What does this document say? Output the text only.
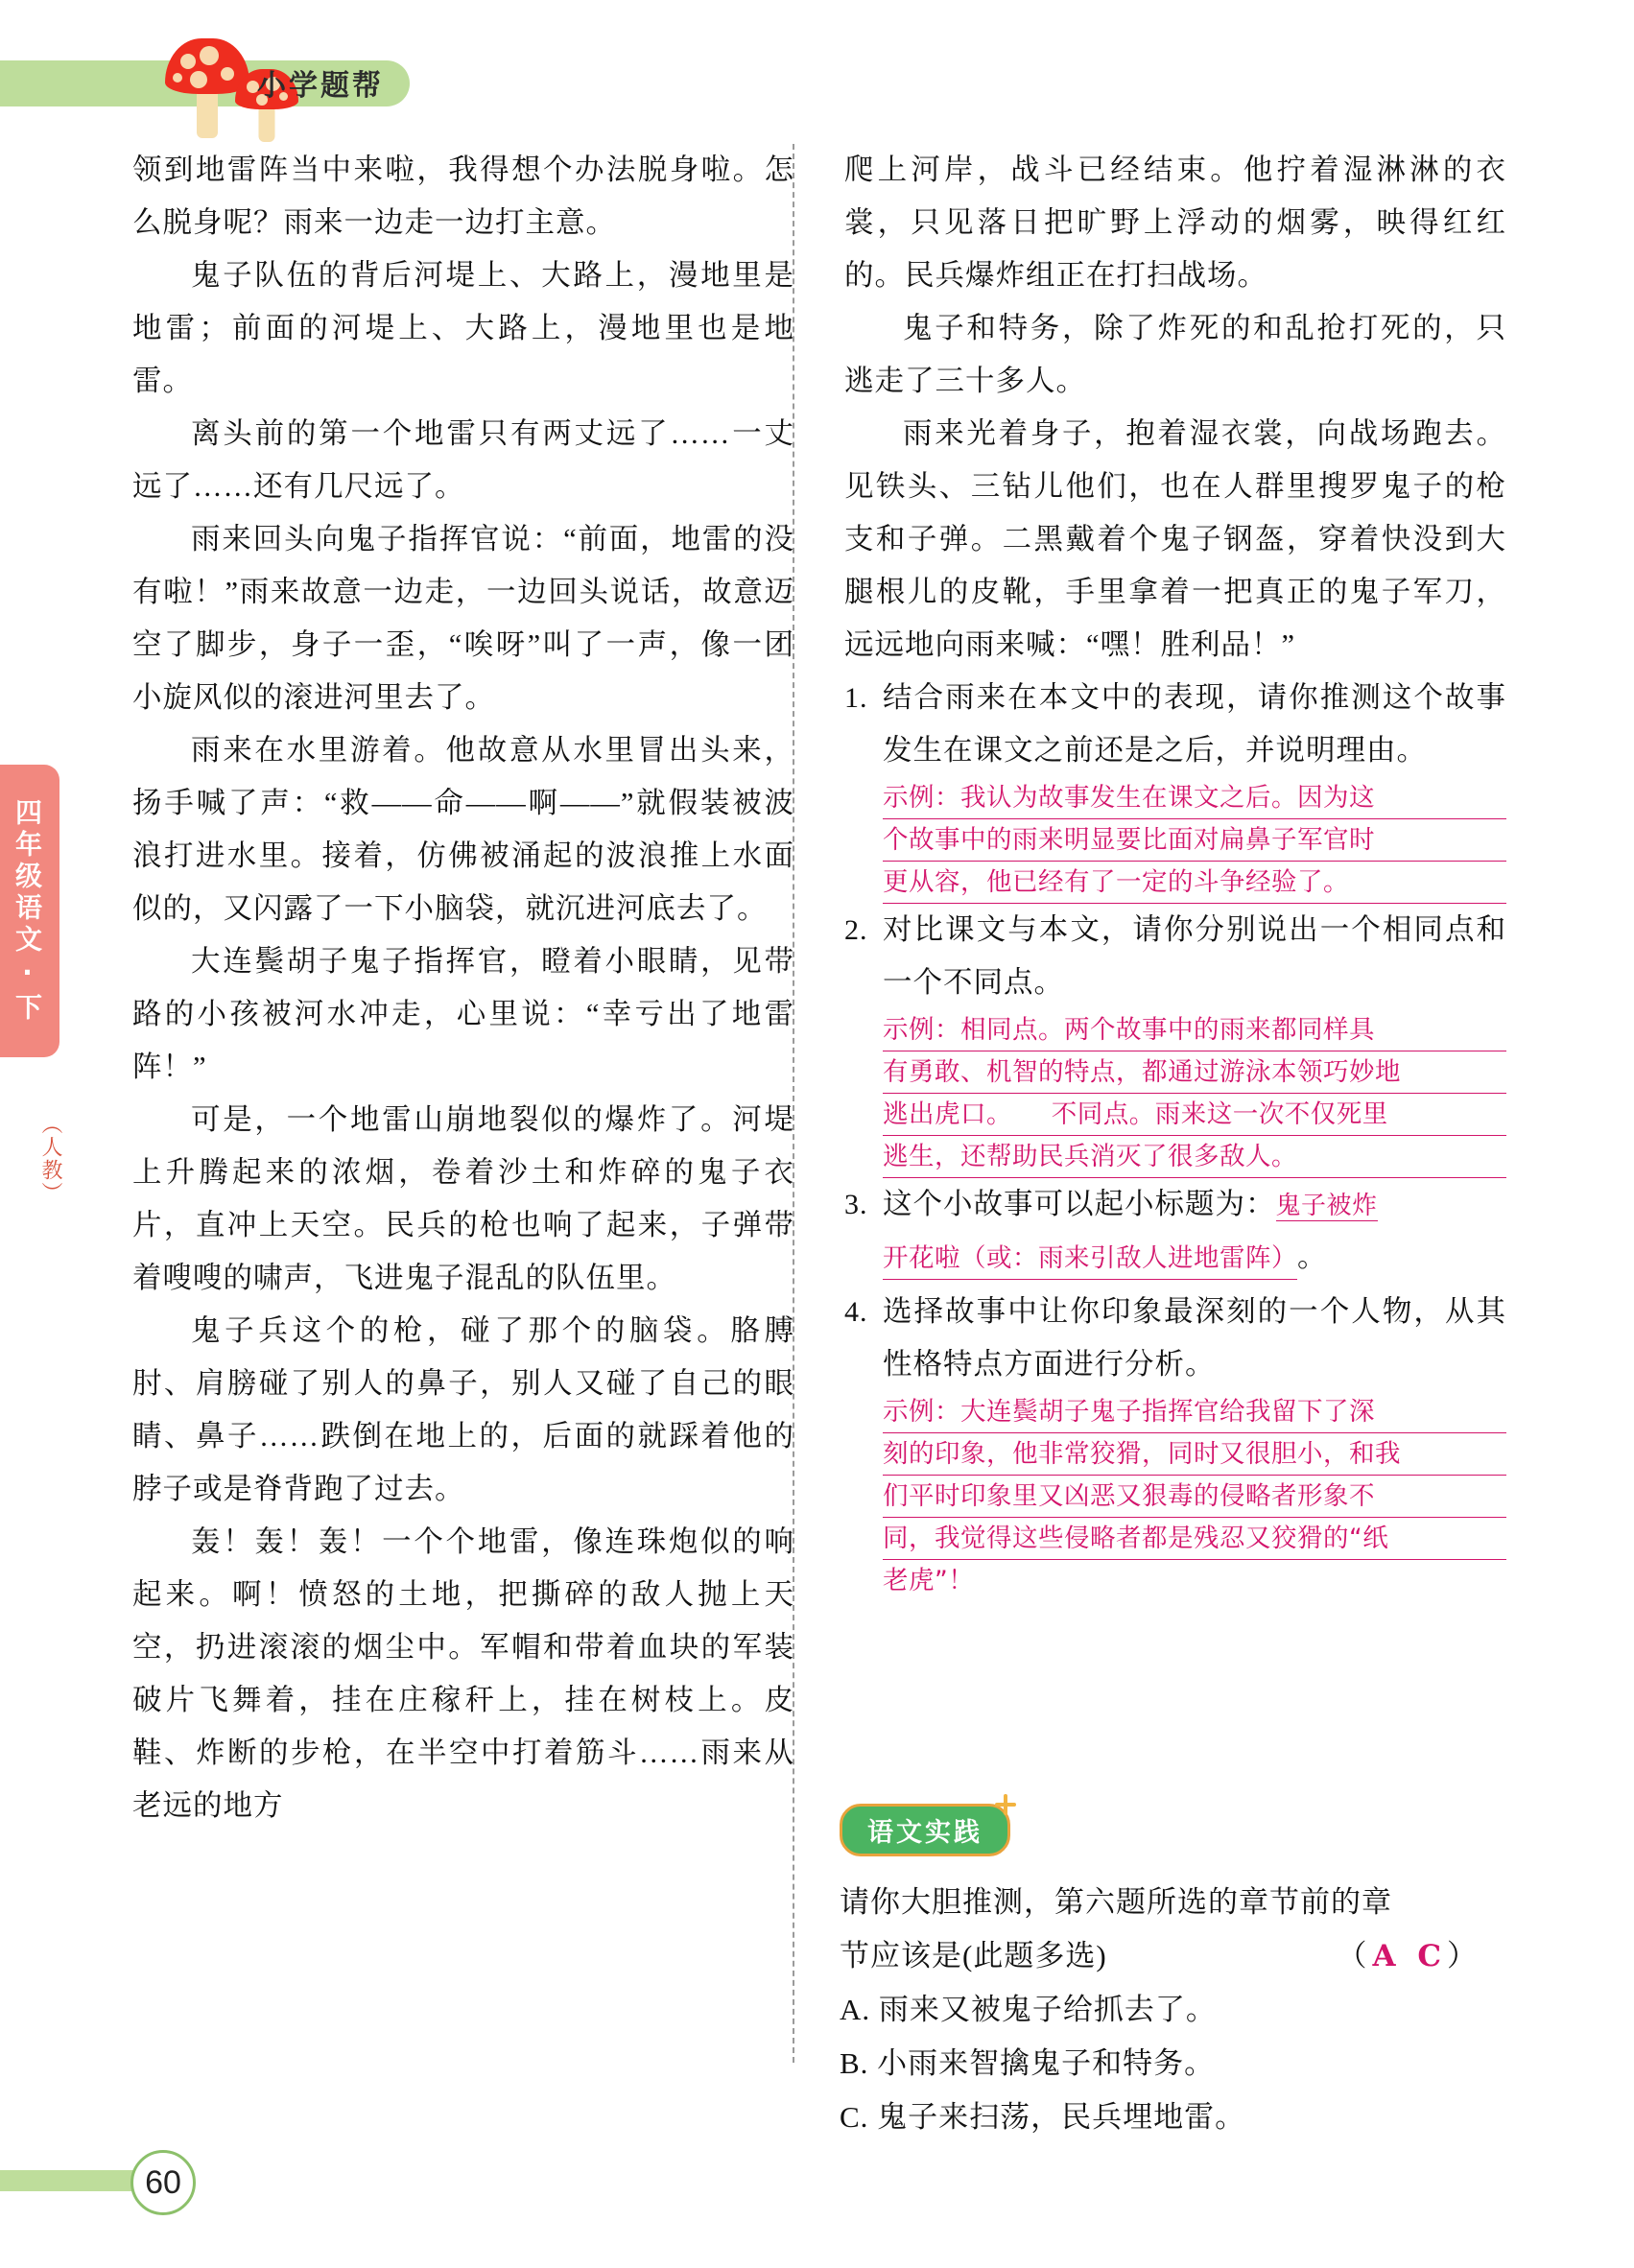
小学题帮
四年级语文·下
（人教）

领到地雷阵当中来啦，我得想个办法脱身啦。怎么脱身呢？雨来一边走一边打主意。

鬼子队伍的背后河堤上、大路上，漫地里是地雷；前面的河堤上、大路上，漫地里也是地雷。

离头前的第一个地雷只有两丈远了……一丈远了……还有几尺远了。

雨来回头向鬼子指挥官说：“前面，地雷的没有啦！”雨来故意一边走，一边回头说话，故意迈空了脚步，身子一歪，“唉呀”叫了一声，像一团小旋风似的滚进河里去了。

雨来在水里游着。他故意从水里冒出头来，扬手喊了声：“救——命——啊——”就假装被波浪打进水里。接着，仿佛被涌起的波浪推上水面似的，又闪露了一下小脑袋，就沉进河底去了。

大连鬓胡子鬼子指挥官，瞪着小眼睛，见带路的小孩被河水冲走，心里说：“幸亏出了地雷阵！”

可是，一个地雷山崩地裂似的爆炸了。河堤上升腾起来的浓烟，卷着沙土和炸碎的鬼子衣片，直冲上天空。民兵的枪也响了起来，子弹带着嗖嗖的啸声，飞进鬼子混乱的队伍里。

鬼子兵这个的枪，碰了那个的脑袋。胳膊肘、肩膀碰了别人的鼻子，别人又碰了自己的眼睛、鼻子……跌倒在地上的，后面的就踩着他的脖子或是脊背跑了过去。

轰！轰！轰！一个个地雷，像连珠炮似的响起来。啊！愤怒的土地，把撕碎的敌人抛上天空，扔进滚滚的烟尘中。军帽和带着血块的军装破片飞舞着，挂在庄稼秆上，挂在树枝上。皮鞋、炸断的步枪，在半空中打着筋斗……雨来从老远的地方

爬上河岸，战斗已经结束。他拧着湿淋淋的衣裳，只见落日把旷野上浮动的烟雾，映得红红的。民兵爆炸组正在打扫战场。

鬼子和特务，除了炸死的和乱抢打死的，只逃走了三十多人。

雨来光着身子，抱着湿衣裳，向战场跑去。见铁头、三钻儿他们，也在人群里搜罗鬼子的枪支和子弹。二黑戴着个鬼子钢盔，穿着快没到大腿根儿的皮靴，手里拿着一把真正的鬼子军刀，远远地向雨来喊：“嘿！胜利品！”

1. 结合雨来在本文中的表现，请你推测这个故事发生在课文之前还是之后，并说明理由。
示例：我认为故事发生在课文之后。因为这
个故事中的雨来明显要比面对扁鼻子军官时
更从容，他已经有了一定的斗争经验了。
2. 对比课文与本文，请你分别说出一个相同点和一个不同点。
示例：相同点。两个故事中的雨来都同样具
有勇敢、机智的特点，都通过游泳本领巧妙地
逃出虎口。　　不同点。雨来这一次不仅死里
逃生，还帮助民兵消灭了很多敌人。
3. 这个小故事可以起小标题为：鬼子被炸
开花啦（或：雨来引敌人进地雷阵）。
4. 选择故事中让你印象最深刻的一个人物，从其性格特点方面进行分析。
示例：大连鬓胡子鬼子指挥官给我留下了深
刻的印象，他非常狡猾，同时又很胆小，和我
们平时印象里又凶恶又狠毒的侵略者形象不
同，我觉得这些侵略者都是残忍又狡猾的“纸
老虎”！
语文实践
请你大胆推测，第六题所选的章节前的章
节应该是(此题多选)	（A C）
A. 雨来又被鬼子给抓去了。
B. 小雨来智擒鬼子和特务。
C. 鬼子来扫荡，民兵埋地雷。
60
